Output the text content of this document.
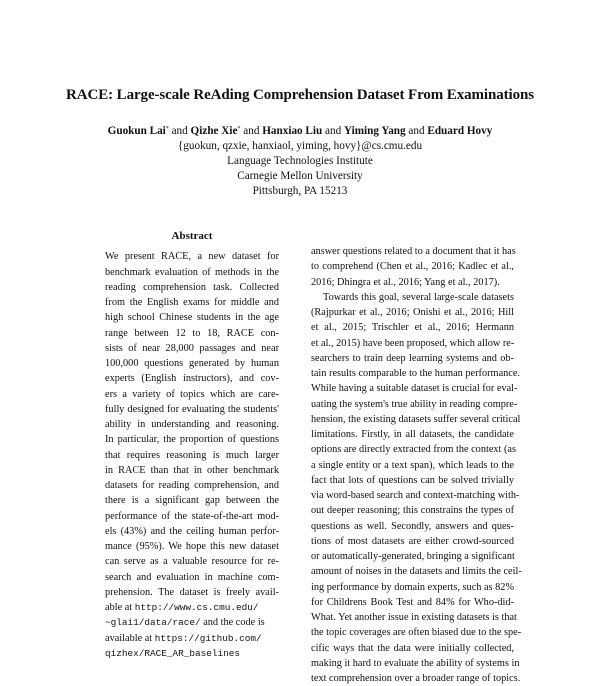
RACE: Large-scale ReAding Comprehension Dataset From Examinations
Guokun Lai* and Qizhe Xie* and Hanxiao Liu and Yiming Yang and Eduard Hovy
{guokun, qzxie, hanxiaol, yiming, hovy}@cs.cmu.edu
Language Technologies Institute
Carnegie Mellon University
Pittsburgh, PA 15213
Abstract
We present RACE, a new dataset for
benchmark evaluation of methods in the
reading comprehension task. Collected
from the English exams for middle and
high school Chinese students in the age
range between 12 to 18, RACE con-
sists of near 28,000 passages and near
100,000 questions generated by human
experts (English instructors), and cov-
ers a variety of topics which are care-
fully designed for evaluating the students'
ability in understanding and reasoning.
In particular, the proportion of questions
that requires reasoning is much larger
in RACE than that in other benchmark
datasets for reading comprehension, and
there is a significant gap between the
performance of the state-of-the-art mod-
els (43%) and the ceiling human perfor-
mance (95%). We hope this new dataset
can serve as a valuable resource for re-
search and evaluation in machine com-
prehension. The dataset is freely avail-
able at http://www.cs.cmu.edu/
~glai1/data/race/ and the code is
available at https://github.com/
qizhex/RACE_AR_baselines
answer questions related to a document that it has
to comprehend (Chen et al., 2016; Kadlec et al.,
2016; Dhingra et al., 2016; Yang et al., 2017).
Towards this goal, several large-scale datasets
(Rajpurkar et al., 2016; Onishi et al., 2016; Hill
et al., 2015; Trischler et al., 2016; Hermann
et al., 2015) have been proposed, which allow re-
searchers to train deep learning systems and ob-
tain results comparable to the human performance.
While having a suitable dataset is crucial for eval-
uating the system's true ability in reading compre-
hension, the existing datasets suffer several critical
limitations. Firstly, in all datasets, the candidate
options are directly extracted from the context (as
a single entity or a text span), which leads to the
fact that lots of questions can be solved trivially
via word-based search and context-matching with-
out deeper reasoning; this constrains the types of
questions as well. Secondly, answers and ques-
tions of most datasets are either crowd-sourced
or automatically-generated, bringing a significant
amount of noises in the datasets and limits the ceil-
ing performance by domain experts, such as 82%
for Childrens Book Test and 84% for Who-did-
What. Yet another issue in existing datasets is that
the topic coverages are often biased due to the spe-
cific ways that the data were initially collected,
making it hard to evaluate the ability of systems in
text comprehension over a broader range of topics.
